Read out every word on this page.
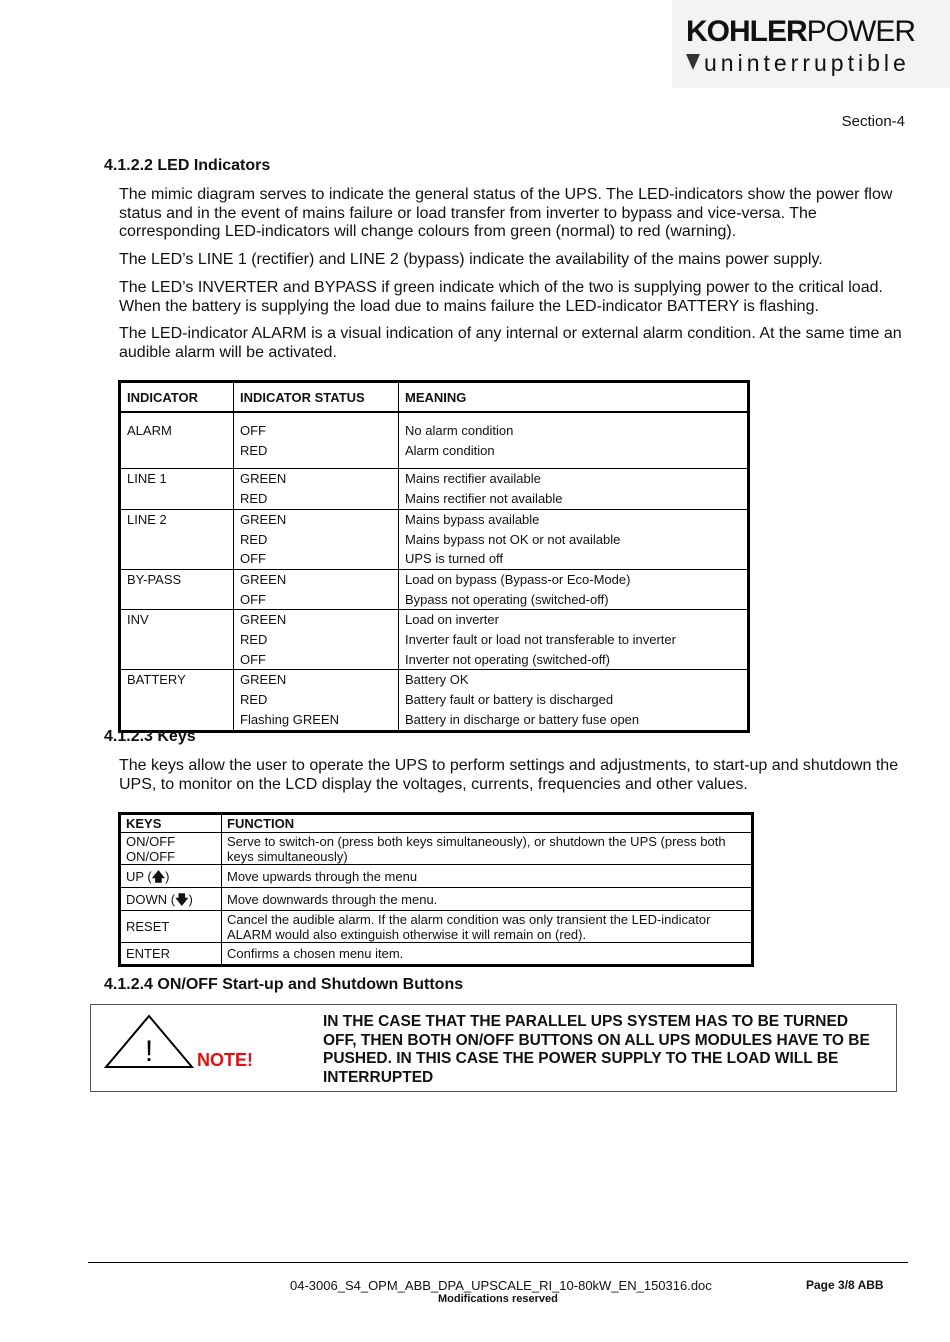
KOHLERPOWER
uninterruptible
Section-4
4.1.2.2 LED Indicators
The mimic diagram serves to indicate the general status of the UPS. The LED-indicators show the power flow status and in the event of mains failure or load transfer from inverter to bypass and vice-versa. The corresponding LED-indicators will change colours from green (normal) to red (warning).
The LED’s LINE 1 (rectifier) and LINE 2 (bypass) indicate the availability of the mains power supply.
The LED’s INVERTER and BYPASS if green indicate which of the two is supplying power to the critical load. When the battery is supplying the load due to mains failure the LED-indicator BATTERY is flashing.
The LED-indicator ALARM is a visual indication of any internal or external alarm condition. At the same time an audible alarm will be activated.
INDICATOR	INDICATOR STATUS	MEANING

ALARM	OFF	No alarm condition
	RED	Alarm condition

LINE 1	GREEN	Mains rectifier available
	RED	Mains rectifier not available
LINE 2	GREEN	Mains bypass available
	RED	Mains bypass not OK or not available
	OFF	UPS is turned off
BY-PASS	GREEN	Load on bypass (Bypass-or Eco-Mode)
	OFF	Bypass not operating (switched-off)
INV	GREEN	Load on inverter
	RED	Inverter fault or load not transferable to inverter
	OFF	Inverter not operating (switched-off)
BATTERY	GREEN	Battery OK
	RED	Battery fault or battery is discharged
	Flashing GREEN	Battery in discharge or battery fuse open
4.1.2.3 Keys
The keys allow the user to operate the UPS to perform settings and adjustments, to start-up and shutdown the UPS, to monitor on the LCD display the voltages, currents, frequencies and other values.
KEYS	FUNCTION

ON/OFF
ON/OFF	Serve to switch-on (press both keys simultaneously), or shutdown the UPS (press both keys simultaneously)
UP (🡅)	Move upwards through the menu
DOWN (🡇)	Move downwards through the menu.
RESET	Cancel the audible alarm. If the alarm condition was only transient the LED-indicator ALARM would also extinguish otherwise it will remain on (red).
ENTER	Confirms a chosen menu item.
4.1.2.4 ON/OFF Start-up and Shutdown Buttons
! NOTE!
IN THE CASE THAT THE PARALLEL UPS SYSTEM HAS TO BE TURNED OFF, THEN BOTH ON/OFF BUTTONS ON ALL UPS MODULES HAVE TO BE PUSHED. IN THIS CASE THE POWER SUPPLY TO THE LOAD WILL BE INTERRUPTED
04-3006_S4_OPM_ABB_DPA_UPSCALE_RI_10-80kW_EN_150316.doc	Page 3/8 ABB
Modifications reserved
